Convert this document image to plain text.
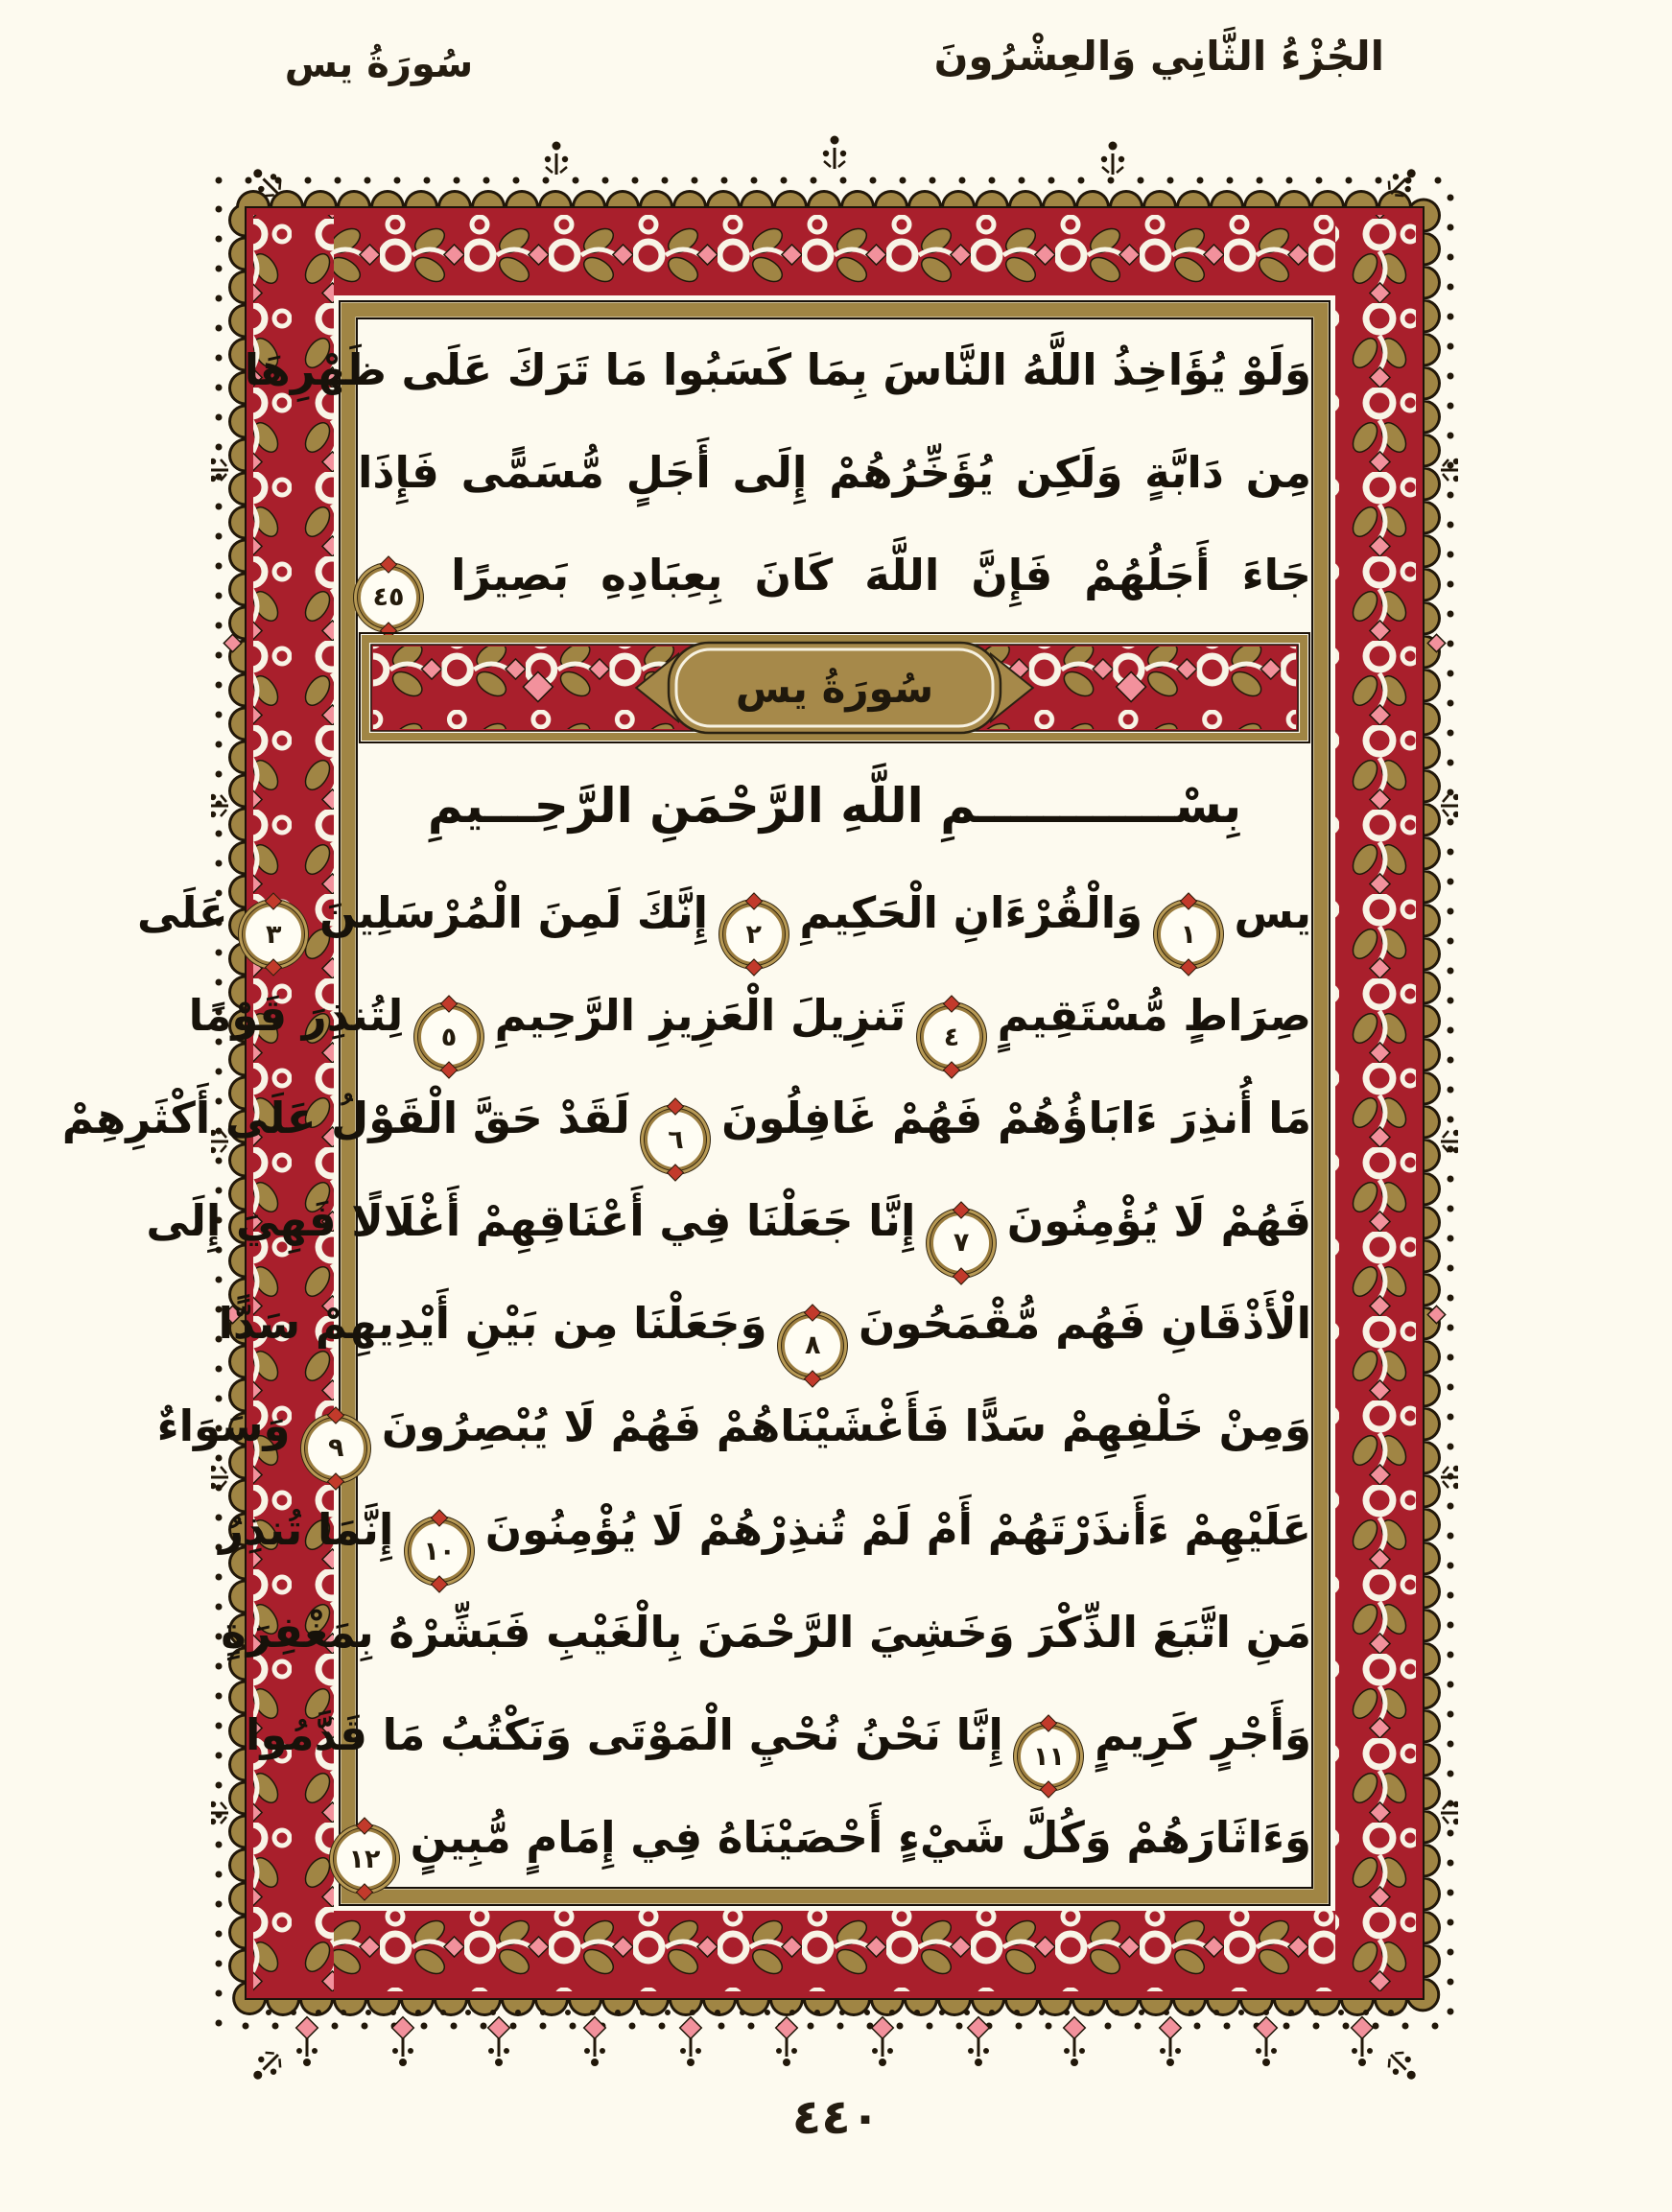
سُورَةُ يس	الجُزْءُ الثَّانِي وَالعِشْرُونَ
وَلَوْ يُؤَاخِذُ اللَّهُ النَّاسَ بِمَا كَسَبُوا مَا تَرَكَ عَلَى ظَهْرِهَا
مِن دَابَّةٍ وَلَكِن يُؤَخِّرُهُمْ إِلَى أَجَلٍ مُّسَمًّى فَإِذَا
جَاءَ أَجَلُهُمْ فَإِنَّ اللَّهَ كَانَ بِعِبَادِهِ بَصِيرًا ٤٥
سُورَةُ يس
بِسْــــــــــــمِ اللَّهِ الرَّحْمَنِ الرَّحِـــيمِ
يس ١ وَالْقُرْءَانِ الْحَكِيمِ ٢ إِنَّكَ لَمِنَ الْمُرْسَلِينَ ٣ عَلَى
صِرَاطٍ مُّسْتَقِيمٍ ٤ تَنزِيلَ الْعَزِيزِ الرَّحِيمِ ٥ لِتُنذِرَ قَوْمًا
مَا أُنذِرَ ءَابَاؤُهُمْ فَهُمْ غَافِلُونَ ٦ لَقَدْ حَقَّ الْقَوْلُ عَلَى أَكْثَرِهِمْ
فَهُمْ لَا يُؤْمِنُونَ ٧ إِنَّا جَعَلْنَا فِي أَعْنَاقِهِمْ أَغْلَالًا فَهِيَ إِلَى
الْأَذْقَانِ فَهُم مُّقْمَحُونَ ٨ وَجَعَلْنَا مِن بَيْنِ أَيْدِيهِمْ سَدًّا
وَمِنْ خَلْفِهِمْ سَدًّا فَأَغْشَيْنَاهُمْ فَهُمْ لَا يُبْصِرُونَ ٩ وَسَوَاءٌ
عَلَيْهِمْ ءَأَنذَرْتَهُمْ أَمْ لَمْ تُنذِرْهُمْ لَا يُؤْمِنُونَ ١٠ إِنَّمَا تُنذِرُ
مَنِ اتَّبَعَ الذِّكْرَ وَخَشِيَ الرَّحْمَنَ بِالْغَيْبِ فَبَشِّرْهُ بِمَغْفِرَةٍ
وَأَجْرٍ كَرِيمٍ ١١ إِنَّا نَحْنُ نُحْيِ الْمَوْتَى وَنَكْتُبُ مَا قَدَّمُوا
وَءَاثَارَهُمْ وَكُلَّ شَيْءٍ أَحْصَيْنَاهُ فِي إِمَامٍ مُّبِينٍ ١٢
٤٤٠
